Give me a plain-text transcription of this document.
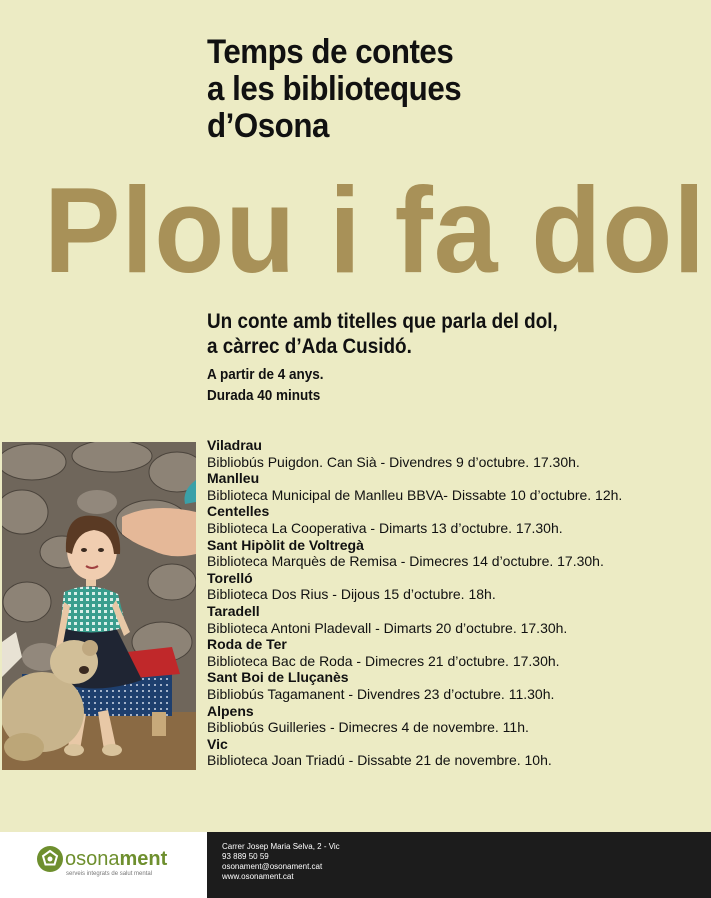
Temps de contes
a les biblioteques
d’Osona
Plou i fa dol
Un conte amb titelles que parla del dol,
a càrrec d’Ada Cusidó.
A partir de 4 anys.
Durada 40 minuts
Viladrau
Bibliobús Puigdon. Can Sià - Divendres 9 d’octubre. 17.30h.
Manlleu
Biblioteca Municipal de Manlleu BBVA- Dissabte 10 d’octubre. 12h.
Centelles
Biblioteca La Cooperativa - Dimarts 13 d’octubre. 17.30h.
Sant Hipòlit de Voltregà
Biblioteca Marquès de Remisa - Dimecres 14 d’octubre. 17.30h.
Torelló
Biblioteca Dos Rius - Dijous 15 d’octubre. 18h.
Taradell
Biblioteca Antoni Pladevall - Dimarts 20 d’octubre. 17.30h.
Roda de Ter
Biblioteca Bac de Roda - Dimecres 21 d’octubre. 17.30h.
Sant Boi de Lluçanès
Bibliobús Tagamanent - Divendres 23 d’octubre. 11.30h.
Alpens
Bibliobús Guilleries - Dimecres 4 de novembre. 11h.
Vic
Biblioteca Joan Triadú - Dissabte 21 de novembre. 10h.
osonament
serveis integrats de salut mental
Carrer Josep Maria Selva, 2 - Vic
93 889 50 59
osonament@osonament.cat
www.osonament.cat
